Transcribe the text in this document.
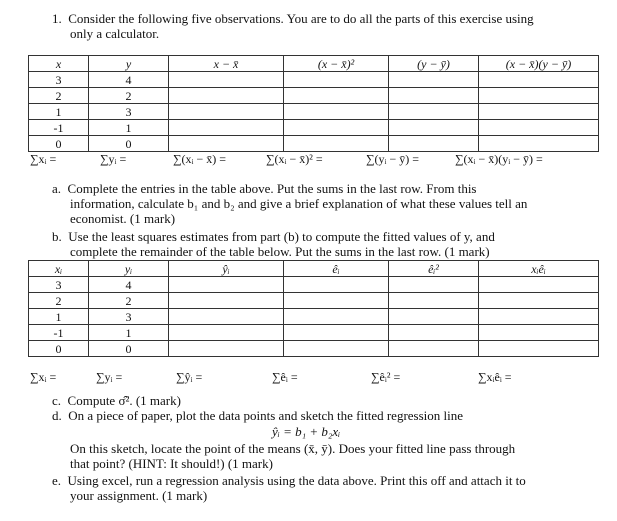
1. Consider the following five observations. You are to do all the parts of this exercise using
only a calculator.
x	y	x − x̄	(x − x̄)²	(y − ȳ)	(x − x̄)(y − ȳ)
3	4				
2	2				
1	3				
-1	1				
0	0				
∑xᵢ =	∑yᵢ =	∑(xᵢ − x̄) =	∑(xᵢ − x̄)² =	∑(yᵢ − ȳ) =	∑(xᵢ − x̄)(yᵢ − ȳ) =
a. Complete the entries in the table above. Put the sums in the last row. From this
information, calculate b₁ and b₂ and give a brief explanation of what these values tell an
economist. (1 mark)
b. Use the least squares estimates from part (b) to compute the fitted values of y, and
complete the remainder of the table below. Put the sums in the last row. (1 mark)
xᵢ	yᵢ	ŷᵢ	êᵢ	êᵢ²	xᵢêᵢ
3	4				
2	2				
1	3				
-1	1				
0	0				
∑xᵢ =	∑yᵢ =	∑ŷᵢ =	∑êᵢ =	∑êᵢ² =	∑xᵢêᵢ =
c. Compute σ̂². (1 mark)
d. On a piece of paper, plot the data points and sketch the fitted regression line
ŷᵢ = b₁ + b₂xᵢ
On this sketch, locate the point of the means (x̄, ȳ). Does your fitted line pass through
that point? (HINT: It should!) (1 mark)
e. Using excel, run a regression analysis using the data above. Print this off and attach it to
your assignment. (1 mark)
